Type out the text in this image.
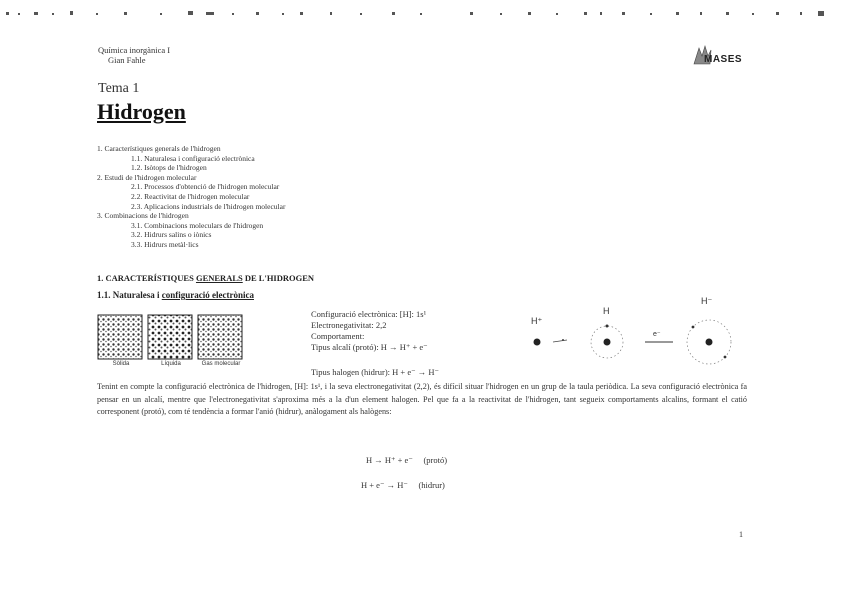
Química inorgànica I
Gian Fahle	MASES
Tema 1
Hidrogen
1. Característiques generals de l'hidrogen
1.1. Naturalesa i configuració electrònica
1.2. Isòtops de l'hidrogen
2. Estudi de l'hidrogen molecular
2.1. Processos d'obtenció de l'hidrogen molecular
2.2. Reactivitat de l'hidrogen molecular
2.3. Aplicacions industrials de l'hidrogen molecular
3. Combinacions de l'hidrogen
3.1. Combinacions moleculars de l'hidrogen
3.2. Hidrurs salins o iònics
3.3. Hidrurs metàl·lics
1. CARACTERÍSTIQUES GENERALS DE L'HIDROGEN
1.1. Naturalesa i configuració electrònica
Sòlida	Líquida	Gas molecular
Configuració electrònica: [H]: 1s¹
Electronegativitat: 2,2
Comportament:
Tipus alcalí (protó): H → H⁺ + e⁻
Tipus halogen (hidrur): H + e⁻ → H⁻
H⁺
H
e⁻
H⁻
Tenint en compte la configuració electrònica de l'hidrogen, [H]: 1s¹, i la seva electronegativitat (2,2), és difícil situar l'hidrogen en un grup de la taula periòdica. La seva configuració electrònica fa pensar en un alcalí, mentre que l'electronegativitat s'aproxima més a la d'un element halogen. Pel que fa a la reactivitat de l'hidrogen, tant segueix comportaments alcalins, formant el catió corresponent (protó), com té tendència a formar l'anió (hidrur), anàlogament als halògens:
H → H⁺ + e⁻     (protó)
H + e⁻ → H⁻     (hidrur)
1
